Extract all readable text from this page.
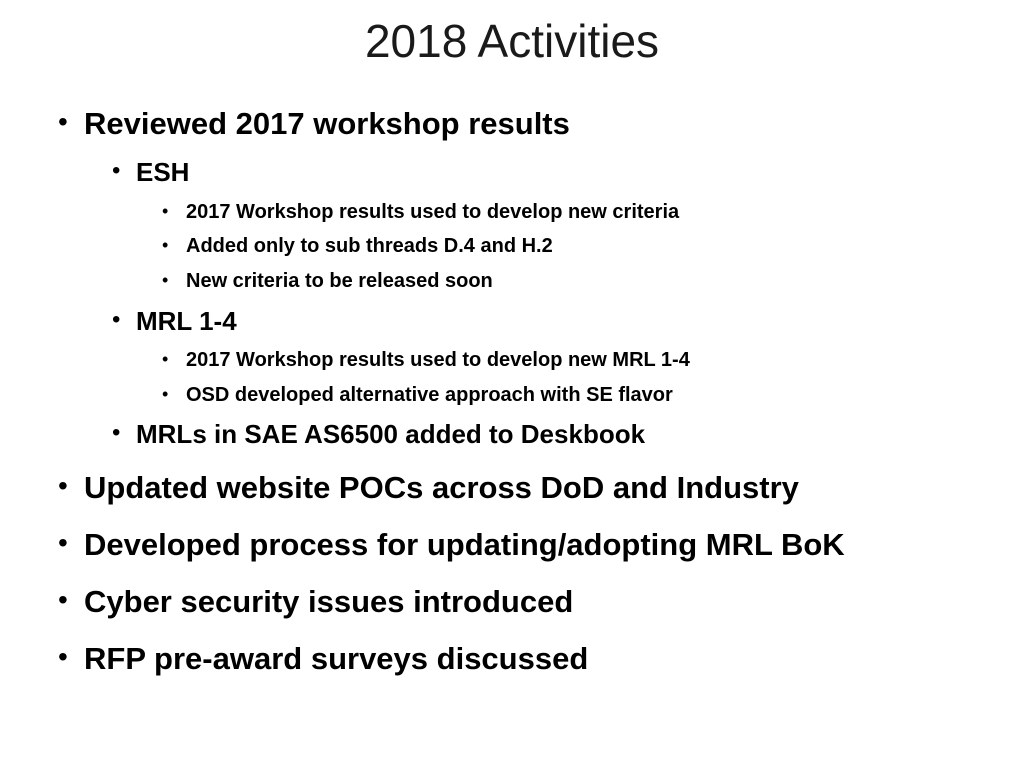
2018 Activities
• Reviewed 2017 workshop results
• ESH
• 2017 Workshop results used to develop new criteria
• Added only to sub threads D.4 and H.2
• New criteria to be released soon
• MRL 1-4
• 2017 Workshop results used to develop new MRL 1-4
• OSD developed alternative approach with SE flavor
• MRLs in SAE AS6500 added to Deskbook
• Updated website POCs across DoD and Industry
• Developed process for updating/adopting MRL BoK
• Cyber security issues introduced
• RFP pre-award surveys discussed
